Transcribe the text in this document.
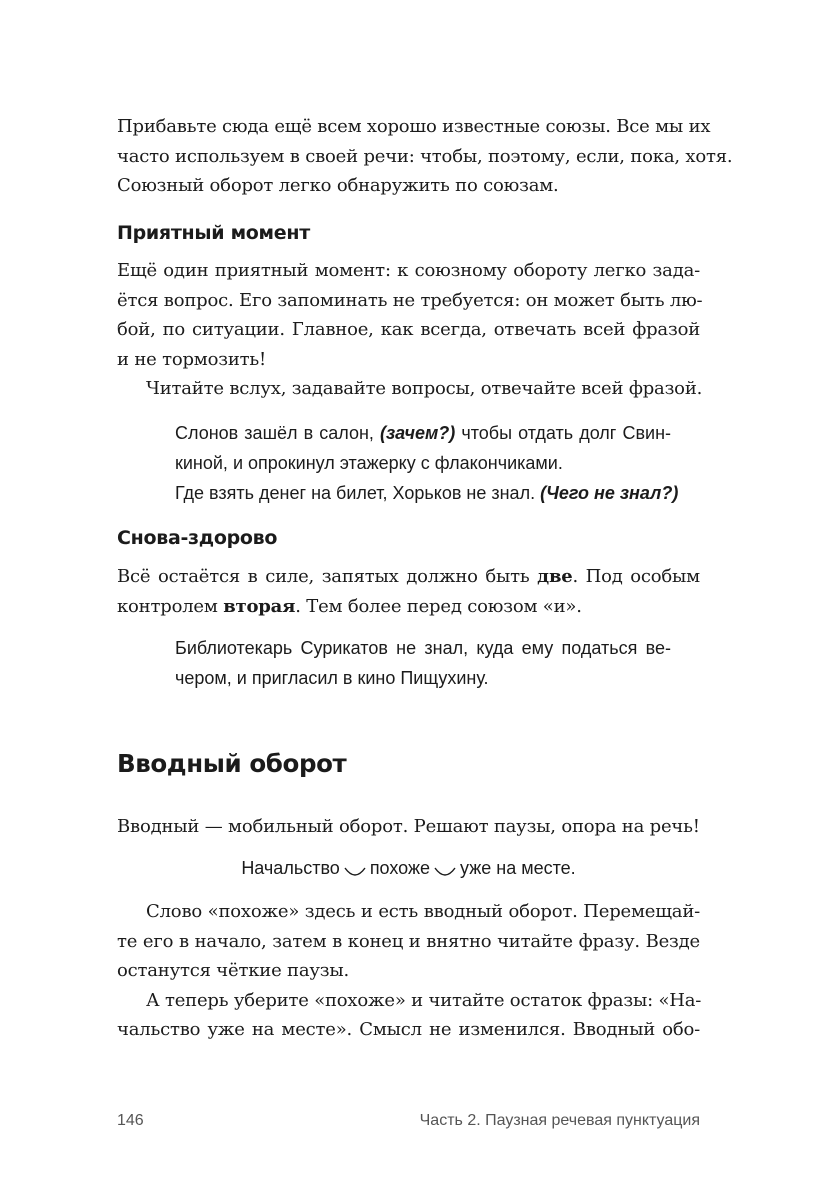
Прибавьте сюда ещё всем хорошо известные союзы. Все мы их
часто используем в своей речи: чтобы, поэтому, если, пока, хотя.
Союзный оборот легко обнаружить по союзам.
Приятный момент
Ещё один приятный момент: к союзному обороту легко зада-
ётся вопрос. Его запоминать не требуется: он может быть лю-
бой, по ситуации. Главное, как всегда, отвечать всей фразой
и не тормозить!
Читайте вслух, задавайте вопросы, отвечайте всей фразой.
Слонов зашёл в салон, (зачем?) чтобы отдать долг Свин-
киной, и опрокинул этажерку с флакончиками.
Где взять денег на билет, Хорьков не знал. (Чего не знал?)
Снова-здорово
Всё остаётся в силе, запятых должно быть две. Под особым
контролем вторая. Тем более перед союзом «и».
Библиотекарь Сурикатов не знал, куда ему податься ве-
чером, и пригласил в кино Пищухину.
Вводный оборот
Вводный — мобильный оборот. Решают паузы, опора на речь!
Начальство похоже уже на месте.
Слово «похоже» здесь и есть вводный оборот. Перемещай-
те его в начало, затем в конец и внятно читайте фразу. Везде
останутся чёткие паузы.
А теперь уберите «похоже» и читайте остаток фразы: «На-
чальство уже на месте». Смысл не изменился. Вводный обо-
146	Часть 2. Паузная речевая пунктуация
